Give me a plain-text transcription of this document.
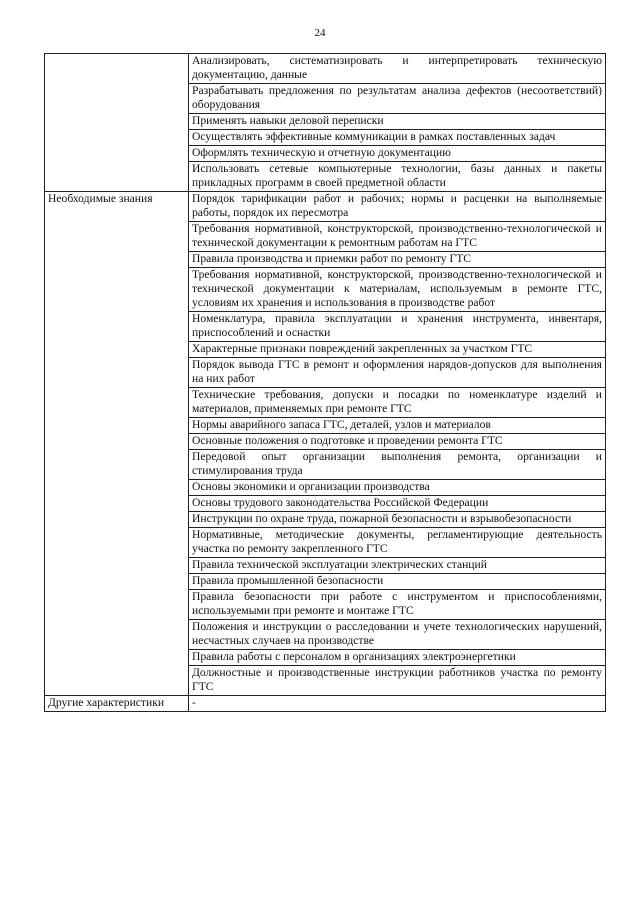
24
	Анализировать, систематизировать и интерпретировать техническую документацию, данные
	Разрабатывать предложения по результатам анализа дефектов (несоответствий) оборудования
	Применять навыки деловой переписки
	Осуществлять эффективные коммуникации в рамках поставленных задач
	Оформлять техническую и отчетную документацию
	Использовать сетевые компьютерные технологии, базы данных и пакеты прикладных программ в своей предметной области
Необходимые знания	Порядок тарификации работ и рабочих; нормы и расценки на выполняемые работы, порядок их пересмотра
	Требования нормативной, конструкторской, производственно-технологической и технической документации к ремонтным работам на ГТС
	Правила производства и приемки работ по ремонту ГТС
	Требования нормативной, конструкторской, производственно-технологической и технической документации к материалам, используемым в ремонте ГТС, условиям их хранения и использования в производстве работ
	Номенклатура, правила эксплуатации и хранения инструмента, инвентаря, приспособлений и оснастки
	Характерные признаки повреждений закрепленных за участком ГТС
	Порядок вывода ГТС в ремонт и оформления нарядов-допусков для выполнения на них работ
	Технические требования, допуски и посадки по номенклатуре изделий и материалов, применяемых при ремонте ГТС
	Нормы аварийного запаса ГТС, деталей, узлов и материалов
	Основные положения о подготовке и проведении ремонта ГТС
	Передовой опыт организации выполнения ремонта, организации и стимулирования труда
	Основы экономики и организации производства
	Основы трудового законодательства Российской Федерации
	Инструкции по охране труда, пожарной безопасности и взрывобезопасности
	Нормативные, методические документы, регламентирующие деятельность участка по ремонту закрепленного ГТС
	Правила технической эксплуатации электрических станций
	Правила промышленной безопасности
	Правила безопасности при работе с инструментом и приспособлениями, используемыми при ремонте и монтаже ГТС
	Положения и инструкции о расследовании и учете технологических нарушений, несчастных случаев на производстве
	Правила работы с персоналом в организациях электроэнергетики
	Должностные и производственные инструкции работников участка по ремонту ГТС
Другие характеристики	-
